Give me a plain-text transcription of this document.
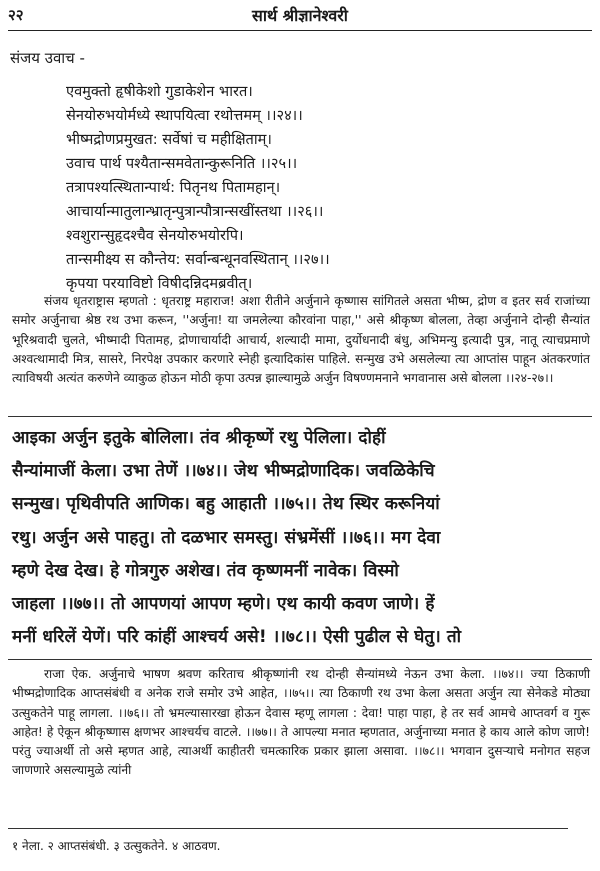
२२	सार्थ श्रीज्ञानेश्वरी
संजय उवाच -
एवमुक्तो हृषीकेशो गुडाकेशेन भारत।
सेनयोरुभयोर्मध्ये स्थापयित्वा रथोत्तमम् ।।२४।।
भीष्मद्रोणप्रमुखत: सर्वेषां च महीक्षिताम्।
उवाच पार्थ पश्यैतान्समवेतान्कुरूनिति ।।२५।।
तत्रापश्यत्स्थितान्पार्थ: पितृनथ पितामहान्।
आचार्यान्मातुलान्भ्रातृन्पुत्रान्पौत्रान्सखींस्तथा ।।२६।।
श्वशुरान्सुहृदश्चैव सेनयोरुभयोरपि।
तान्समीक्ष्य स कौन्तेय: सर्वान्बन्धूनवस्थितान् ।।२७।।
कृपया परयाविष्टो विषीदन्निदमब्रवीत्।

संजय धृतराष्ट्रास म्हणतो : धृतराष्ट्र महाराज! अशा रीतीने अर्जुनाने कृष्णास सांगितले असता भीष्म, द्रोण व इतर सर्व राजांच्या समोर अर्जुनाचा श्रेष्ठ रथ उभा करून, ''अर्जुना! या जमलेल्या कौरवांना पाहा,'' असे श्रीकृष्ण बोलला, तेव्हा अर्जुनाने दोन्ही सैन्यांत भूरिश्रवादी चुलते, भीष्मादी पितामह, द्रोणाचार्यादी आचार्य, शल्यादी मामा, दुर्योधनादी बंधु, अभिमन्यु इत्यादी पुत्र, नातू त्याचप्रमाणे अश्वत्थामादी मित्र, सासरे, निरपेक्ष उपकार करणारे स्नेही इत्यादिकांस पाहिले. सन्मुख उभे असलेल्या त्या आप्तांस पाहून अंतकरणांत त्याविषयी अत्यंत करुणेने व्याकुळ होऊन मोठी कृपा उत्पन्न झाल्यामुळे अर्जुन विषण्णमनाने भगवानास असे बोलला ।।२४-२७।।

आइका अर्जुन इतुके बोलिला। तंव श्रीकृष्णें रथु पेलिला। दोहीं
सैन्यांमाजीं केला। उभा तेणें ।।७४।। जेथ भीष्मद्रोणादिक। जवळिकेचि
सन्मुख। पृथिवीपति आणिक। बहु आहाती ।।७५।। तेथ स्थिर करूनियां
रथु। अर्जुन असे पाहतु। तो दळभार समस्तु। संभ्रमेंसीं ।।७६।। मग देवा
म्हणे देख देख। हे गोत्रगुरु अशेख। तंव कृष्णमनीं नावेक। विस्मो
जाहला ।।७७।। तो आपणयां आपण म्हणे। एथ कायी कवण जाणे। हें
मनीं धरिलें येणें। परि कांहीं आश्चर्य असे! ।।७८।। ऐसी पुढील से घेतु। तो

राजा ऐक. अर्जुनाचे भाषण श्रवण करिताच श्रीकृष्णांनी रथ दोन्ही सैन्यांमध्ये नेऊन उभा केला. ।।७४।। ज्या ठिकाणी भीष्मद्रोणादिक आप्तसंबंधी व अनेक राजे समोर उभे आहेत, ।।७५।। त्या ठिकाणी रथ उभा केला असता अर्जुन त्या सेनेकडे मोठ्या उत्सुकतेने पाहू लागला. ।।७६।। तो भ्रमल्यासारखा होऊन देवास म्हणू लागला : देवा! पाहा पाहा, हे तर सर्व आमचे आप्तवर्ग व गुरू आहेत! हे ऐकून श्रीकृष्णास क्षणभर आश्चर्यच वाटले. ।।७७।। ते आपल्या मनात म्हणतात, अर्जुनाच्या मनात हे काय आले कोण जाणे! परंतु ज्याअर्थी तो असे म्हणत आहे, त्याअर्थी काहीतरी चमत्कारिक प्रकार झाला असावा. ।।७८।। भगवान दुसऱ्याचे मनोगत सहज जाणणारे असल्यामुळे त्यांनी

१ नेला. २ आप्तसंबंधी. ३ उत्सुकतेने. ४ आठवण.
